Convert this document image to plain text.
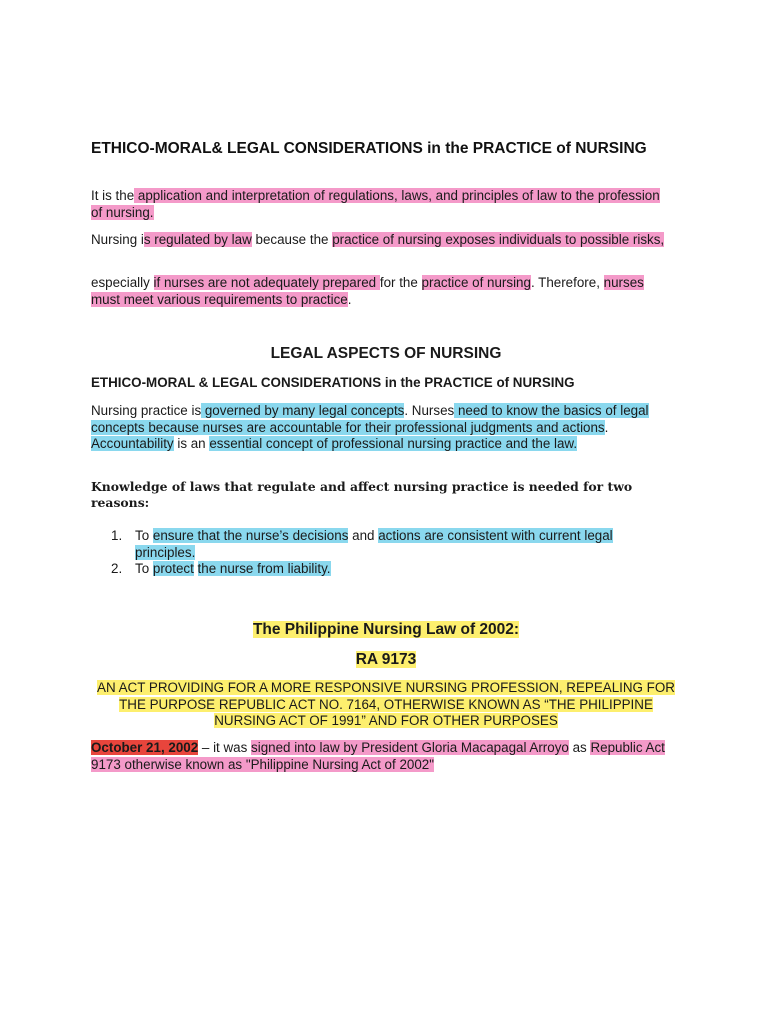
ETHICO-MORAL& LEGAL CONSIDERATIONS in the PRACTICE of NURSING
It is the application and interpretation of regulations, laws, and principles of law to the profession of nursing.
Nursing is regulated by law because the practice of nursing exposes individuals to possible risks,
especially if nurses are not adequately prepared for the practice of nursing. Therefore, nurses must meet various requirements to practice.
LEGAL ASPECTS OF NURSING
ETHICO-MORAL & LEGAL CONSIDERATIONS in the PRACTICE of NURSING
Nursing practice is governed by many legal concepts. Nurses need to know the basics of legal concepts because nurses are accountable for their professional judgments and actions. Accountability is an essential concept of professional nursing practice and the law.
Knowledge of laws that regulate and affect nursing practice is needed for two reasons:
1. To ensure that the nurse’s decisions and actions are consistent with current legal principles.
2. To protect the nurse from liability.
The Philippine Nursing Law of 2002:
RA 9173
AN ACT PROVIDING FOR A MORE RESPONSIVE NURSING PROFESSION, REPEALING FOR THE PURPOSE REPUBLIC ACT NO. 7164, OTHERWISE KNOWN AS “THE PHILIPPINE NURSING ACT OF 1991” AND FOR OTHER PURPOSES
October 21, 2002 – it was signed into law by President Gloria Macapagal Arroyo as Republic Act 9173 otherwise known as "Philippine Nursing Act of 2002"
